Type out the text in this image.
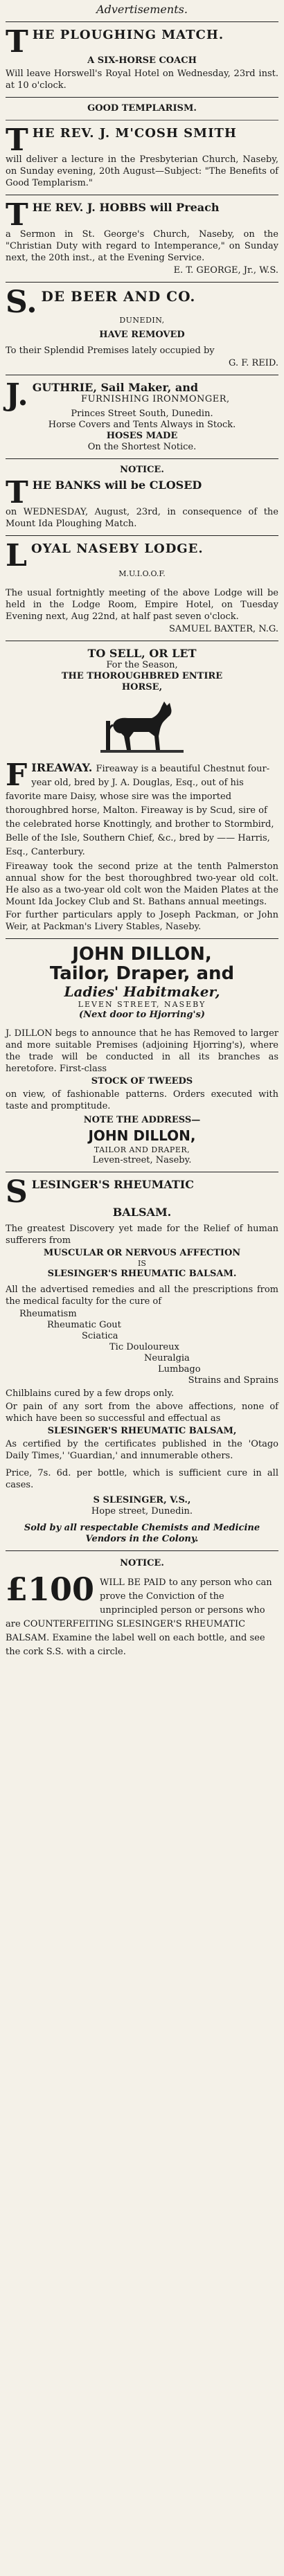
Advertisements.
THE PLOUGHING MATCH.
A SIX-HORSE COACH
Will leave Horswell's Royal Hotel on Wednesday, 23rd inst. at 10 o'clock.
GOOD TEMPLARISM.
THE REV. J. M'COSH SMITH
will deliver a lecture in the Presbyterian Church, Naseby, on Sunday evening, 20th August—Subject: "The Benefits of Good Templarism."
THE REV. J. HOBBS will Preach
a Sermon in St. George's Church, Naseby, on the "Christian Duty with regard to Intemperance," on Sunday next, the 20th inst., at the Evening Service.
E. T. GEORGE, Jr., W.S.
S. DE BEER AND CO.
DUNEDIN,
HAVE REMOVED
To their Splendid Premises lately occupied by
G. F. REID.
J. GUTHRIE, Sail Maker, and
FURNISHING IRONMONGER,
Princes Street South, Dunedin.
Horse Covers and Tents Always in Stock.
HOSES MADE
On the Shortest Notice.
NOTICE.
THE BANKS will be CLOSED
on WEDNESDAY, August, 23rd, in consequence of the Mount Ida Ploughing Match.
LOYAL NASEBY LODGE.
M.U.I.O.O.F.
The usual fortnightly meeting of the above Lodge will be held in the Lodge Room, Empire Hotel, on Tuesday Evening next, Aug 22nd, at half past seven o'clock.
SAMUEL BAXTER, N.G.
TO SELL, OR LET
For the Season,
THE THOROUGHBRED ENTIRE
HORSE,
FIREAWAY. Fireaway is a beautiful Chestnut four-year old, bred by J. A. Douglas, Esq., out of his favorite mare Daisy, whose sire was the imported thoroughbred horse, Malton. Fireaway is by Scud, sire of the celebrated horse Knottingly, and brother to Stormbird, Belle of the Isle, Southern Chief, &c., bred by —— Harris, Esq., Canterbury.
Fireaway took the second prize at the tenth Palmerston annual show for the best thoroughbred two-year old colt. He also as a two-year old colt won the Maiden Plates at the Mount Ida Jockey Club and St. Bathans annual meetings.
For further particulars apply to Joseph Packman, or John Weir, at Packman's Livery Stables, Naseby.
JOHN DILLON,
Tailor, Draper, and
Ladies' Habitmaker,
LEVEN STREET, NASEBY
(Next door to Hjorring's)
J. DILLON begs to announce that he has Removed to larger and more suitable Premises (adjoining Hjorring's), where the trade will be conducted in all its branches as heretofore. First-class
STOCK OF TWEEDS
on view, of fashionable patterns. Orders executed with taste and promptitude.
NOTE THE ADDRESS—
JOHN DILLON,
TAILOR AND DRAPER,
Leven-street, Naseby.
SLESINGER'S RHEUMATIC
BALSAM.
The greatest Discovery yet made for the Relief of human sufferers from
MUSCULAR OR NERVOUS AFFECTION
IS
SLESINGER'S RHEUMATIC BALSAM.
All the advertised remedies and all the prescriptions from the medical faculty for the cure of
Rheumatism
Rheumatic Gout
Sciatica
Tic Douloureux
Neuralgia
Lumbago
Strains and Sprains
Chilblains cured by a few drops only.
Or pain of any sort from the above affections, none of which have been so successful and effectual as
SLESINGER'S RHEUMATIC BALSAM,
As certified by the certificates published in the 'Otago Daily Times,' 'Guardian,' and innumerable others.
Price, 7s. 6d. per bottle, which is sufficient cure in all cases.
S SLESINGER, V.S.,
Hope street, Dunedin.
Sold by all respectable Chemists and Medicine Vendors in the Colony.
NOTICE.
£100 WILL BE PAID to any person who can prove the Conviction of the unprincipled person or persons who are COUNTERFEITING SLESINGER'S RHEUMATIC BALSAM. Examine the label well on each bottle, and see the cork S.S. with a circle.
